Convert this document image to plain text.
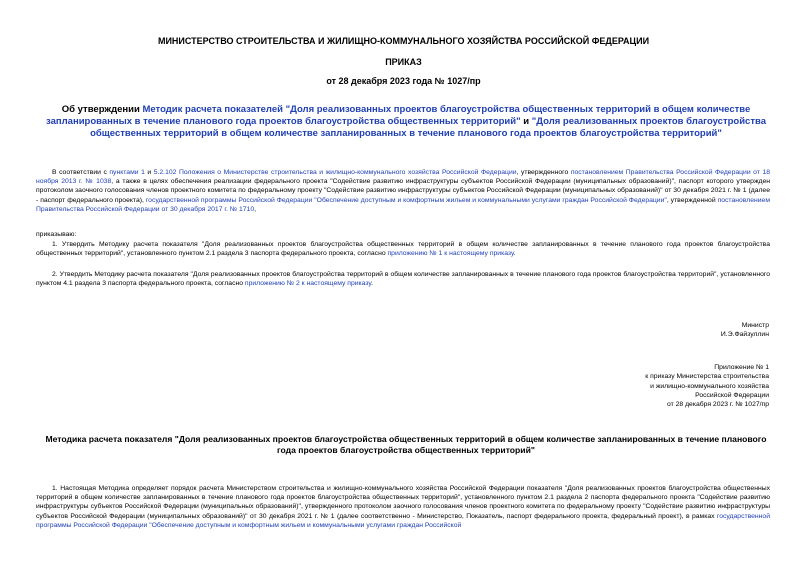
МИНИСТЕРСТВО СТРОИТЕЛЬСТВА И ЖИЛИЩНО-КОММУНАЛЬНОГО ХОЗЯЙСТВА РОССИЙСКОЙ ФЕДЕРАЦИИ
ПРИКАЗ
от 28 декабря 2023 года № 1027/пр
Об утверждении Методик расчета показателей "Доля реализованных проектов благоустройства общественных территорий в общем количестве запланированных в течение планового года проектов благоустройства общественных территорий" и "Доля реализованных проектов благоустройства общественных территорий в общем количестве запланированных в течение планового года проектов благоустройства территорий"
В соответствии с пунктами 1 и 5.2.102 Положения о Министерстве строительства и жилищно-коммунального хозяйства Российской Федерации, утвержденного постановлением Правительства Российской Федерации от 18 ноября 2013 г. № 1038, а также в целях обеспечения реализации федерального проекта "Содействие развитию инфраструктуры субъектов Российской Федерации (муниципальных образований)", паспорт которого утвержден протоколом заочного голосования членов проектного комитета по федеральному проекту "Содействие развитию инфраструктуры субъектов Российской Федерации (муниципальных образований)" от 30 декабря 2021 г. № 1 (далее - паспорт федерального проекта), государственной программы Российской Федерации "Обеспечение доступным и комфортным жильем и коммунальными услугами граждан Российской Федерации", утвержденной постановлением Правительства Российской Федерации от 30 декабря 2017 г. № 1710,
приказываю:
1. Утвердить Методику расчета показателя "Доля реализованных проектов благоустройства общественных территорий в общем количестве запланированных в течение планового года проектов благоустройства общественных территорий", установленного пунктом 2.1 раздела 3 паспорта федерального проекта, согласно приложению № 1 к настоящему приказу.
2. Утвердить Методику расчета показателя "Доля реализованных проектов благоустройства территорий в общем количестве запланированных в течение планового года проектов благоустройства территорий", установленного пунктом 4.1 раздела 3 паспорта федерального проекта, согласно приложению № 2 к настоящему приказу.
Министр
И.Э.Файзуллин
Приложение № 1
к приказу Министерства строительства
и жилищно-коммунального хозяйства
Российской Федерации
от 28 декабря 2023 г. № 1027/пр
Методика расчета показателя "Доля реализованных проектов благоустройства общественных территорий в общем количестве запланированных в течение планового года проектов благоустройства общественных территорий"
1. Настоящая Методика определяет порядок расчета Министерством строительства и жилищно-коммунального хозяйства Российской Федерации показателя "Доля реализованных проектов благоустройства общественных территорий в общем количестве запланированных в течение планового года проектов благоустройства общественных территорий", установленного пунктом 2.1 раздела 2 паспорта федерального проекта "Содействие развитию инфраструктуры субъектов Российской Федерации (муниципальных образований)", утвержденного протоколом заочного голосования членов проектного комитета по федеральному проекту "Содействие развитию инфраструктуры субъектов Российской Федерации (муниципальных образований)" от 30 декабря 2021 г. № 1 (далее соответственно - Министерство, Показатель, паспорт федерального проекта, федеральный проект), в рамках государственной программы Российской Федерации "Обеспечение доступным и комфортным жильем и коммунальными услугами граждан Российской
